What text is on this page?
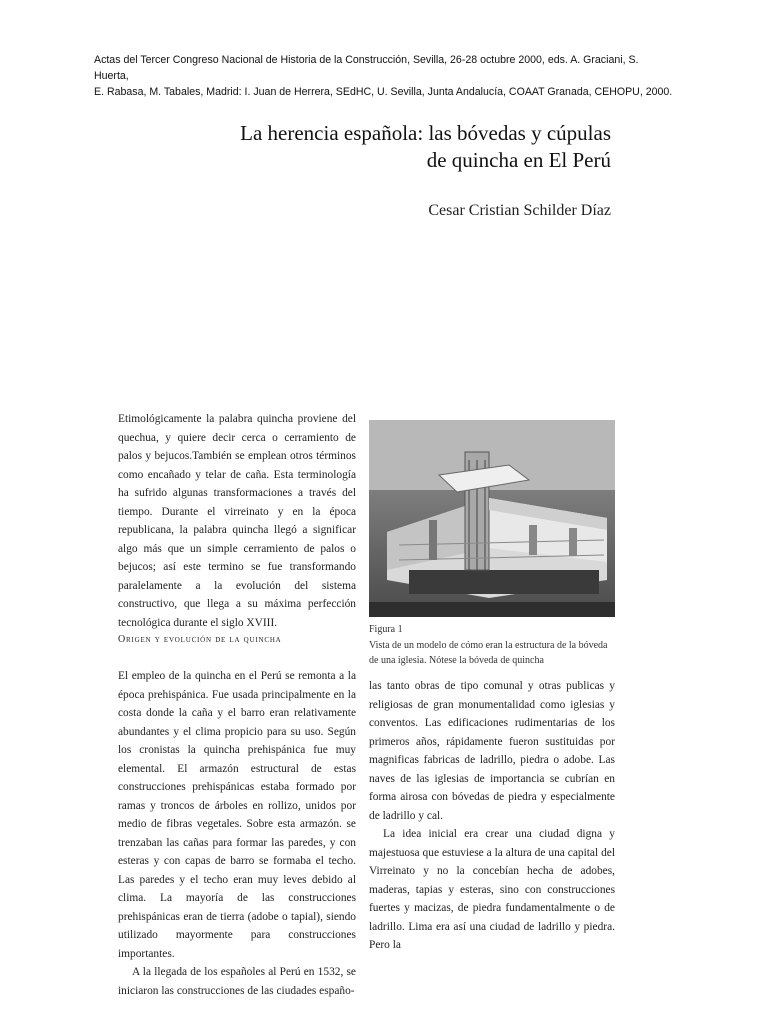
Actas del Tercer Congreso Nacional de Historia de la Construcción, Sevilla, 26-28 octubre 2000, eds. A. Graciani, S. Huerta,

E. Rabasa, M. Tabales, Madrid: I. Juan de Herrera, SEdHC, U. Sevilla, Junta Andalucía, COAAT Granada, CEHOPU, 2000.

La herencia española: las bóvedas y cúpulas

de quincha en El Perú

Cesar Cristian Schilder Díaz

Etimológicamente la palabra quincha proviene del quechua, y quiere decir cerca o cerramiento de palos y bejucos.También se emplean otros términos como encañado y telar de caña. Esta terminología ha sufrido algunas transformaciones a través del tiempo. Durante el virreinato y en la época republicana, la palabra quincha llegó a significar algo más que un simple cerramiento de palos o bejucos; así este termino se fue transformando paralelamente a la evolución del sistema constructivo, que llega a su máxima perfección tecnológica durante el siglo XVIII.

Figura 1

Vista de un modelo de cómo eran la estructura de la bóveda de una iglesia. Nótese la bóveda de quincha

Origen y evolución de la quincha

El empleo de la quincha en el Perú se remonta a la época prehispánica. Fue usada principalmente en la costa donde la caña y el barro eran relativamente abundantes y el clima propicio para su uso. Según los cronistas la quincha prehispánica fue muy elemental. El armazón estructural de estas construcciones prehispánicas estaba formado por ramas y troncos de árboles en rollizo, unidos por medio de fibras vegetales. Sobre esta armazón. se trenzaban las cañas para formar las paredes, y con esteras y con capas de barro se formaba el techo. Las paredes y el techo eran muy leves debido al clima. La mayoría de las construcciones prehispánicas eran de tierra (adobe o tapial), siendo utilizado mayormente para construcciones importantes.

A la llegada de los españoles al Perú en 1532, se iniciaron las construcciones de las ciudades españo-

las tanto obras de tipo comunal y otras publicas y religiosas de gran monumentalidad como iglesias y conventos. Las edificaciones rudimentarias de los primeros años, rápidamente fueron sustituidas por magnificas fabricas de ladrillo, piedra o adobe. Las naves de las iglesias de importancia se cubrían en forma airosa con bóvedas de piedra y especialmente de ladrillo y cal.

La idea inicial era crear una ciudad digna y majestuosa que estuviese a la altura de una capital del Virreinato y no la concebían hecha de adobes, maderas, tapias y esteras, sino con construcciones fuertes y macizas, de piedra fundamentalmente o de ladrillo. Lima era así una ciudad de ladrillo y piedra. Pero la
